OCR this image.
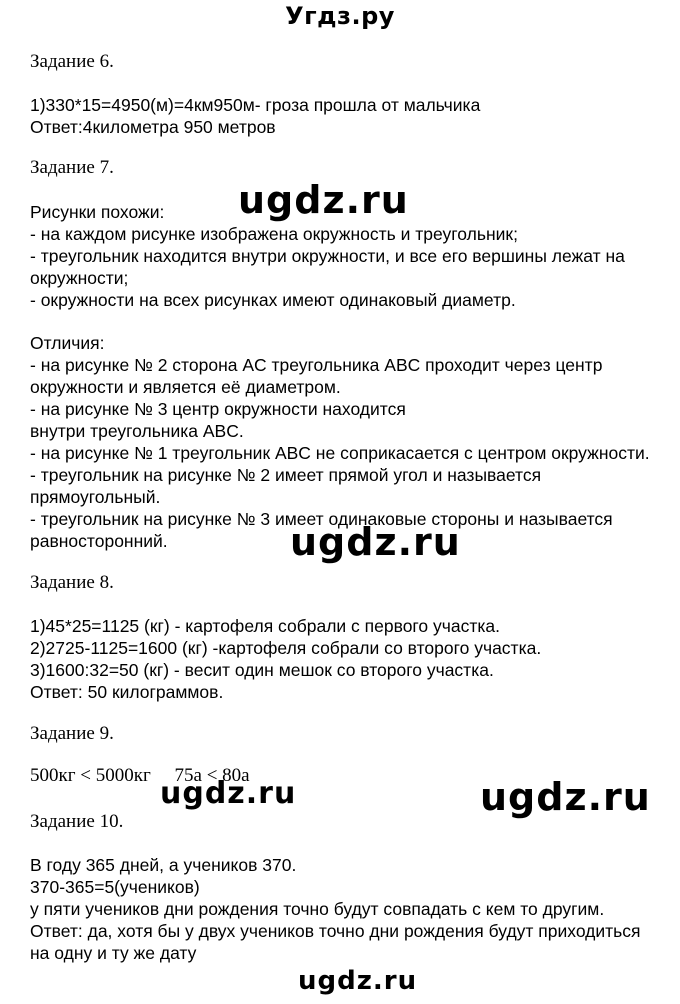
Угдз.ру
Задание 6.
1)330*15=4950(м)=4км950м- гроза прошла от мальчика
Ответ:4километра 950 метров
Задание 7.
Рисунки похожи:
- на каждом рисунке изображена окружность и треугольник;
- треугольник находится внутри окружности, и все его вершины лежат на
окружности;
- окружности на всех рисунках имеют одинаковый диаметр.
Отличия:
- на рисунке № 2 сторона AC треугольника ABC проходит через центр
окружности и является её диаметром.
- на рисунке № 3 центр окружности находится
внутри треугольника ABC.
- на рисунке № 1 треугольник ABC не соприкасается с центром окружности.
- треугольник на рисунке № 2 имеет прямой угол и называется
прямоугольный.
- треугольник на рисунке № 3 имеет одинаковые стороны и называется
равносторонний.
Задание 8.
1)45*25=1125 (кг) - картофеля собрали с первого участка.
2)2725-1125=1600 (кг) -картофеля собрали со второго участка.
3)1600:32=50 (кг) - весит один мешок со второго участка.
Ответ: 50 килограммов.
Задание 9.
500кг < 5000кг     75а < 80а
Задание 10.
В году 365 дней, а учеников 370.
370-365=5(учеников)
у пяти учеников дни рождения точно будут совпадать с кем то другим.
Ответ: да, хотя бы у двух учеников точно дни рождения будут приходиться
на одну и ту же дату
ugdz.ru
ugdz.ru
ugdz.ru	ugdz.ru
ugdz.ru
